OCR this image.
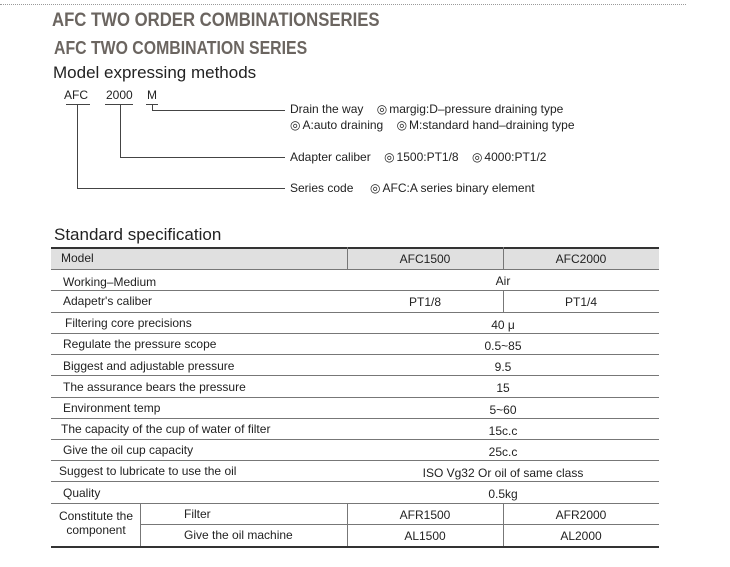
AFC TWO ORDER COMBINATIONSERIES
AFC TWO COMBINATION SERIES
Model expressing methods
AFC 2000 M
Drain the way ◎ margig:D–pressure draining type
◎ A:auto draining ◎ M:standard hand–draining type
Adapter caliber ◎ 1500:PT1/8 ◎ 4000:PT1/2
Series code ◎ AFC:A series binary element
Standard specification
Model	AFC1500	AFC2000
Working–Medium	Air
Adapetr's caliber	PT1/8	PT1/4
Filtering core precisions	40 μ
Regulate the pressure scope	0.5~85
Biggest and adjustable pressure	9.5
The assurance bears the pressure	15
Environment temp	5~60
The capacity of the cup of water of filter	15c.c
Give the oil cup capacity	25c.c
Suggest to lubricate to use the oil	ISO Vg32 Or oil of same class
Quality	0.5kg
Constitute the
component
Filter	AFR1500	AFR2000
Give the oil machine	AL1500	AL2000
